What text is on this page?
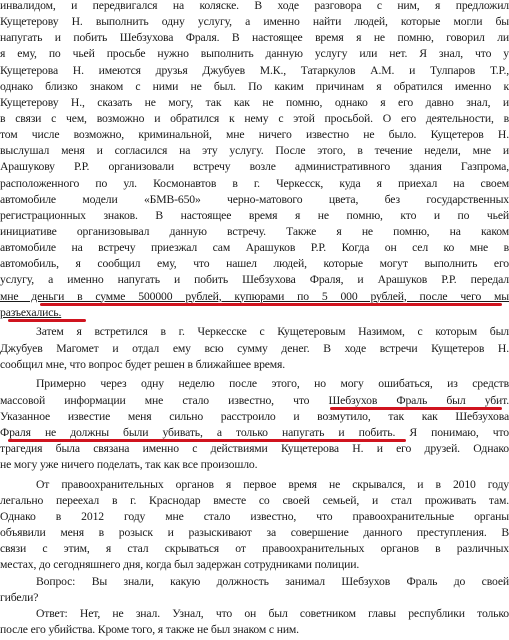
инвалидом, и передвигался на коляске. В ходе разговора с ним, я предложил
Кущетерову Н. выполнить одну услугу, а именно найти людей, которые могли бы
напугать и побить Шебзухова Фраля. В настоящее время я не помню, говорил ли
я ему, по чьей просьбе нужно выполнить данную услугу или нет. Я знал, что у
Кущетерова Н. имеются друзья Джубуев М.К., Татаркулов А.М. и Тулпаров Т.Р.,
однако близко знаком с ними не был. По каким причинам я обратился именно к
Кущетерову Н., сказать не могу, так как не помню, однако я его давно знал, и
в связи с чем, возможно и обратился к нему с этой просьбой. О его деятельности, в
том числе возможно, криминальной, мне ничего известно не было. Кущетеров Н.
выслушал меня и согласился на эту услугу. После этого, в течение недели, мне и
Арашукову Р.Р. организовали встречу возле административного здания Газпрома,
расположенного по ул. Космонавтов в г. Черкесск, куда я приехал на своем
автомобиле модели «БМВ-650» черно-матового цвета, без государственных
регистрационных знаков. В настоящее время я не помню, кто и по чьей
инициативе организовывал данную встречу. Также я не помню, на каком
автомобиле на встречу приезжал сам Арашуков Р.Р. Когда он сел ко мне в
автомобиль, я сообщил ему, что нашел людей, которые могут выполнить его
услугу, а именно напугать и побить Шебзухова Фраля, и Арашуков Р.Р. передал
мне деньги в сумме 500000 рублей, купюрами по 5 000 рублей, после чего мы
разъехались.
Затем я встретился в г. Черкесске с Кущетеровым Назимом, с которым был
Джубуев Магомет и отдал ему всю сумму денег. В ходе встречи Кущетеров Н.
сообщил мне, что вопрос будет решен в ближайшее время.
Примерно через одну неделю после этого, но могу ошибаться, из средств
массовой информации мне стало известно, что Шебзухов Фраль был убит.
Указанное известие меня сильно расстроило и возмутило, так как Шебзухова
Фраля не должны были убивать, а только напугать и побить. Я понимаю, что
трагедия была связана именно с действиями Кущетерова Н. и его друзей. Однако
не могу уже ничего поделать, так как все произошло.
От правоохранительных органов я первое время не скрывался, и в 2010 году
легально переехал в г. Краснодар вместе со своей семьей, и стал проживать там.
Однако в 2012 году мне стало известно, что правоохранительные органы
объявили меня в розыск и разыскивают за совершение данного преступления. В
связи с этим, я стал скрываться от правоохранительных органов в различных
местах, до сегодняшнего дня, когда был задержан сотрудниками полиции.
Вопрос: Вы знали, какую должность занимал Шебзухов Фраль до своей
гибели?
Ответ: Нет, не знал. Узнал, что он был советником главы республики только
после его убийства. Кроме того, я также не был знаком с ним.
